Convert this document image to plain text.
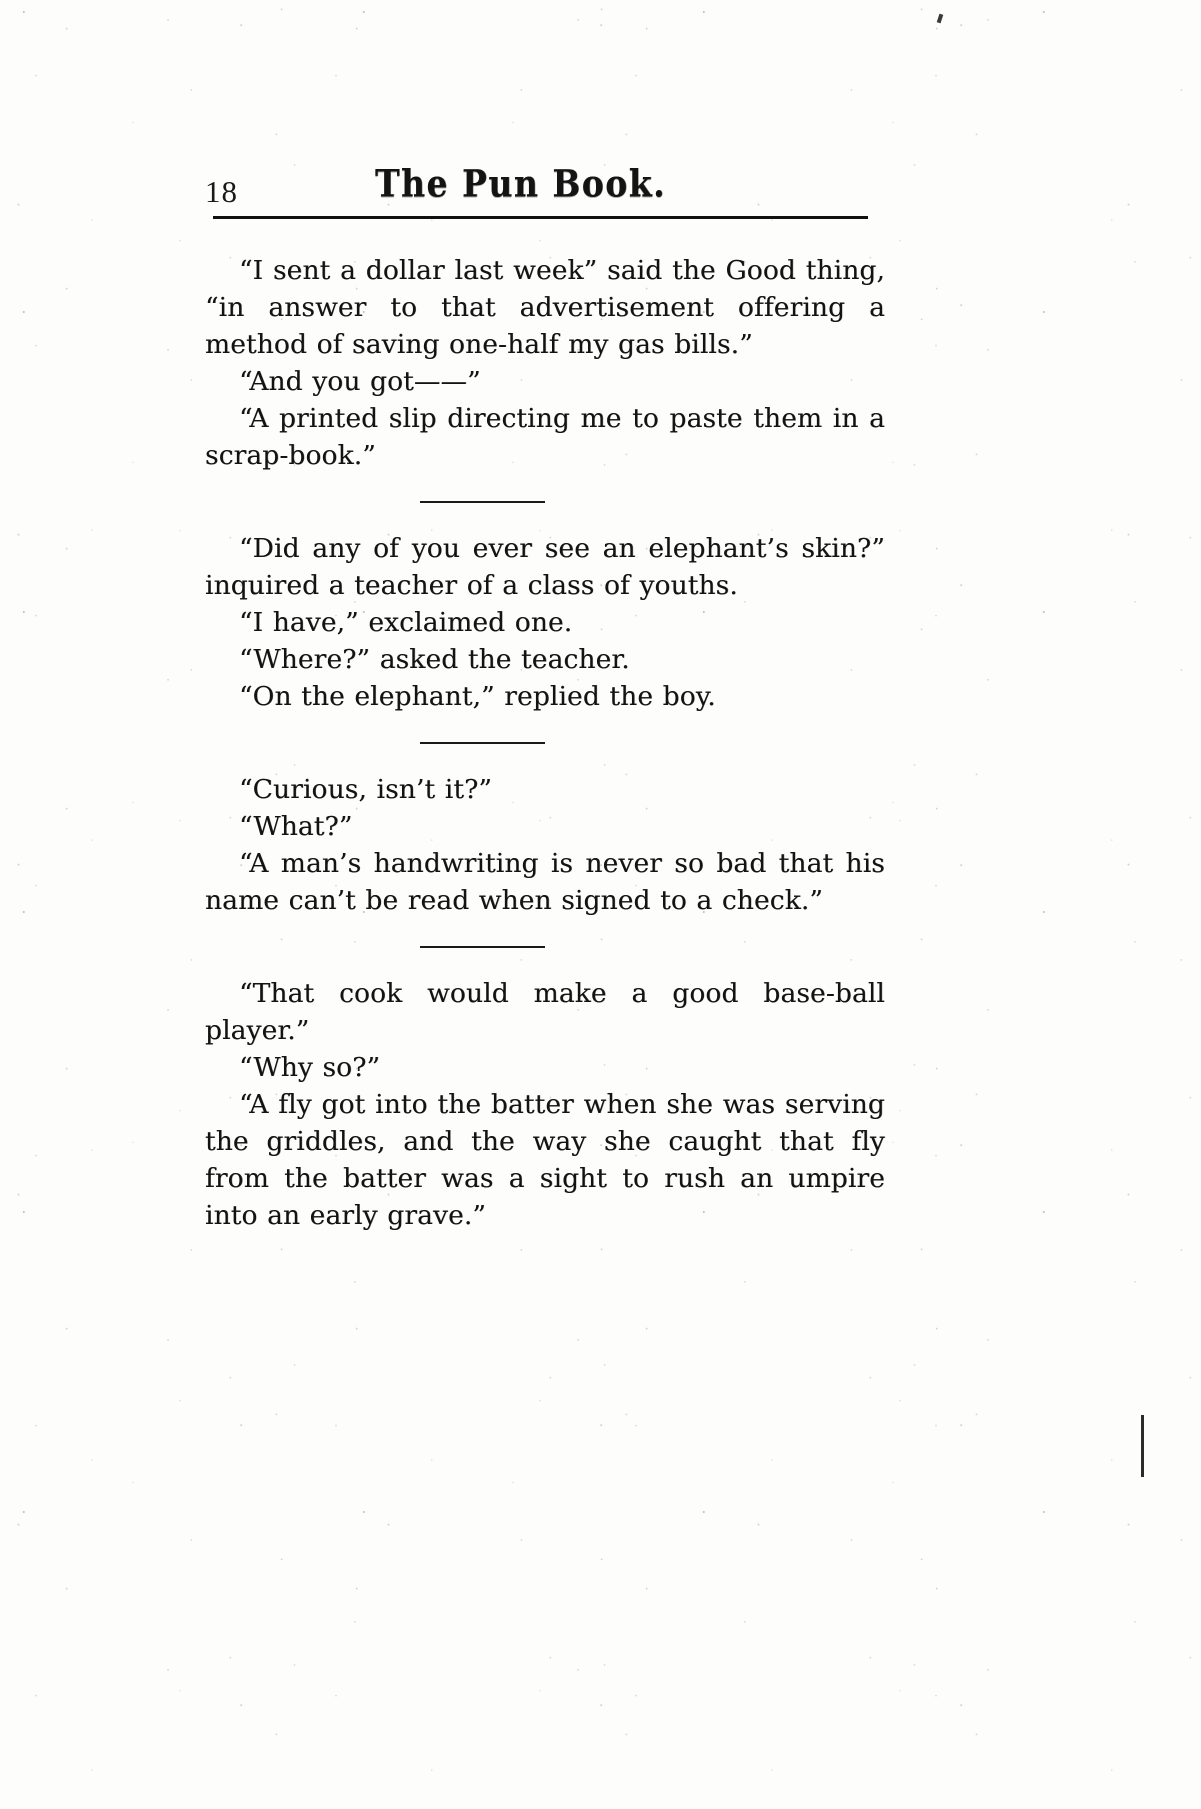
18	The Pun Book.

“I sent a dollar last week” said the Good thing, “in answer to that advertisement offering a method of saving one-half my gas bills.”

“And you got——”

“A printed slip directing me to paste them in a scrap-book.”

“Did any of you ever see an elephant’s skin?” inquired a teacher of a class of youths.

“I have,” exclaimed one.

“Where?” asked the teacher.

“On the elephant,” replied the boy.

“Curious, isn’t it?”

“What?”

“A man’s handwriting is never so bad that his name can’t be read when signed to a check.”

“That cook would make a good base-ball player.”

“Why so?”

“A fly got into the batter when she was serving the griddles, and the way she caught that fly from the batter was a sight to rush an umpire into an early grave.”
